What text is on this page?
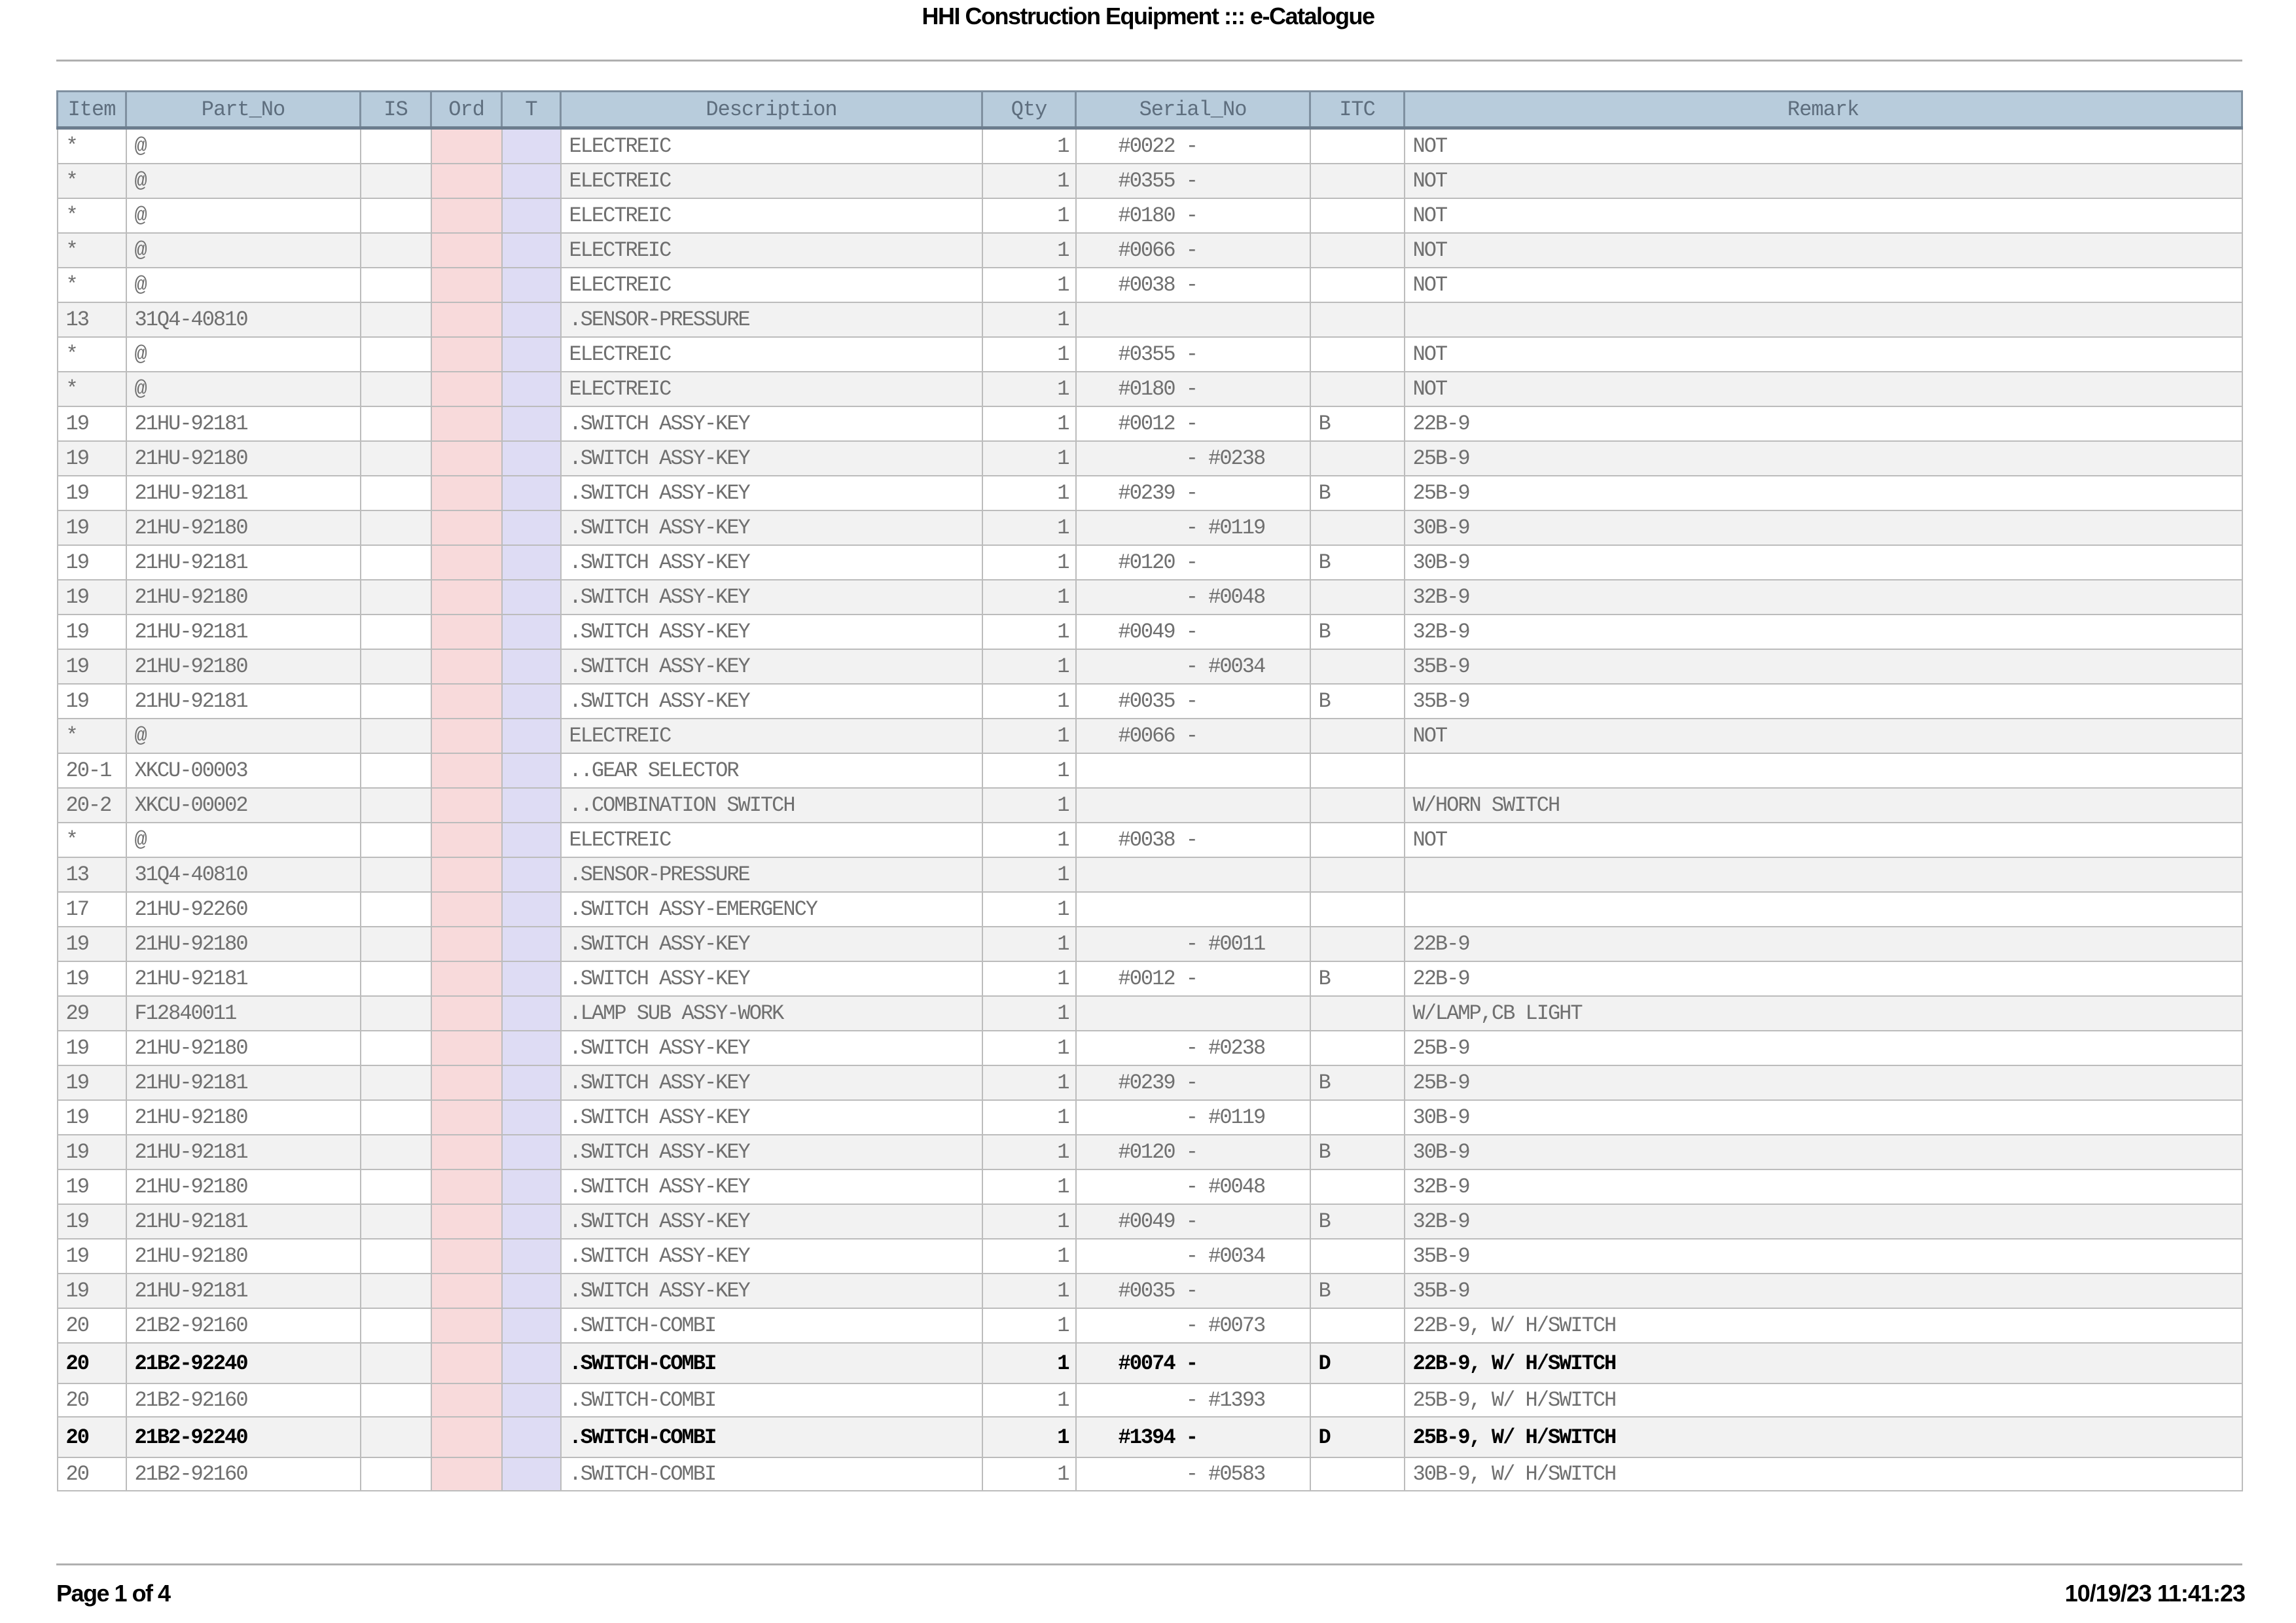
HHI Construction Equipment ::: e-Catalogue
Item	Part_No	IS	Ord	T	Description	Qty	Serial_No	ITC	Remark
*	@				ELECTREIC	1	#0022 -		NOT
*	@				ELECTREIC	1	#0355 -		NOT
*	@				ELECTREIC	1	#0180 -		NOT
*	@				ELECTREIC	1	#0066 -		NOT
*	@				ELECTREIC	1	#0038 -		NOT
13	31Q4-40810				.SENSOR-PRESSURE	1			
*	@				ELECTREIC	1	#0355 -		NOT
*	@				ELECTREIC	1	#0180 -		NOT
19	21HU-92181				.SWITCH ASSY-KEY	1	#0012 -	B	22B-9
19	21HU-92180				.SWITCH ASSY-KEY	1	- #0238		25B-9
19	21HU-92181				.SWITCH ASSY-KEY	1	#0239 -	B	25B-9
19	21HU-92180				.SWITCH ASSY-KEY	1	- #0119		30B-9
19	21HU-92181				.SWITCH ASSY-KEY	1	#0120 -	B	30B-9
19	21HU-92180				.SWITCH ASSY-KEY	1	- #0048		32B-9
19	21HU-92181				.SWITCH ASSY-KEY	1	#0049 -	B	32B-9
19	21HU-92180				.SWITCH ASSY-KEY	1	- #0034		35B-9
19	21HU-92181				.SWITCH ASSY-KEY	1	#0035 -	B	35B-9
*	@				ELECTREIC	1	#0066 -		NOT
20-1	XKCU-00003				..GEAR SELECTOR	1			
20-2	XKCU-00002				..COMBINATION SWITCH	1			W/HORN SWITCH
*	@				ELECTREIC	1	#0038 -		NOT
13	31Q4-40810				.SENSOR-PRESSURE	1			
17	21HU-92260				.SWITCH ASSY-EMERGENCY	1			
19	21HU-92180				.SWITCH ASSY-KEY	1	- #0011		22B-9
19	21HU-92181				.SWITCH ASSY-KEY	1	#0012 -	B	22B-9
29	F12840011				.LAMP SUB ASSY-WORK	1			W/LAMP,CB LIGHT
19	21HU-92180				.SWITCH ASSY-KEY	1	- #0238		25B-9
19	21HU-92181				.SWITCH ASSY-KEY	1	#0239 -	B	25B-9
19	21HU-92180				.SWITCH ASSY-KEY	1	- #0119		30B-9
19	21HU-92181				.SWITCH ASSY-KEY	1	#0120 -	B	30B-9
19	21HU-92180				.SWITCH ASSY-KEY	1	- #0048		32B-9
19	21HU-92181				.SWITCH ASSY-KEY	1	#0049 -	B	32B-9
19	21HU-92180				.SWITCH ASSY-KEY	1	- #0034		35B-9
19	21HU-92181				.SWITCH ASSY-KEY	1	#0035 -	B	35B-9
20	21B2-92160				.SWITCH-COMBI	1	- #0073		22B-9, W/ H/SWITCH
20	21B2-92240				.SWITCH-COMBI	1	#0074 -	D	22B-9, W/ H/SWITCH
20	21B2-92160				.SWITCH-COMBI	1	- #1393		25B-9, W/ H/SWITCH
20	21B2-92240				.SWITCH-COMBI	1	#1394 -	D	25B-9, W/ H/SWITCH
20	21B2-92160				.SWITCH-COMBI	1	- #0583		30B-9, W/ H/SWITCH
Page 1 of 4	10/19/23 11:41:23
